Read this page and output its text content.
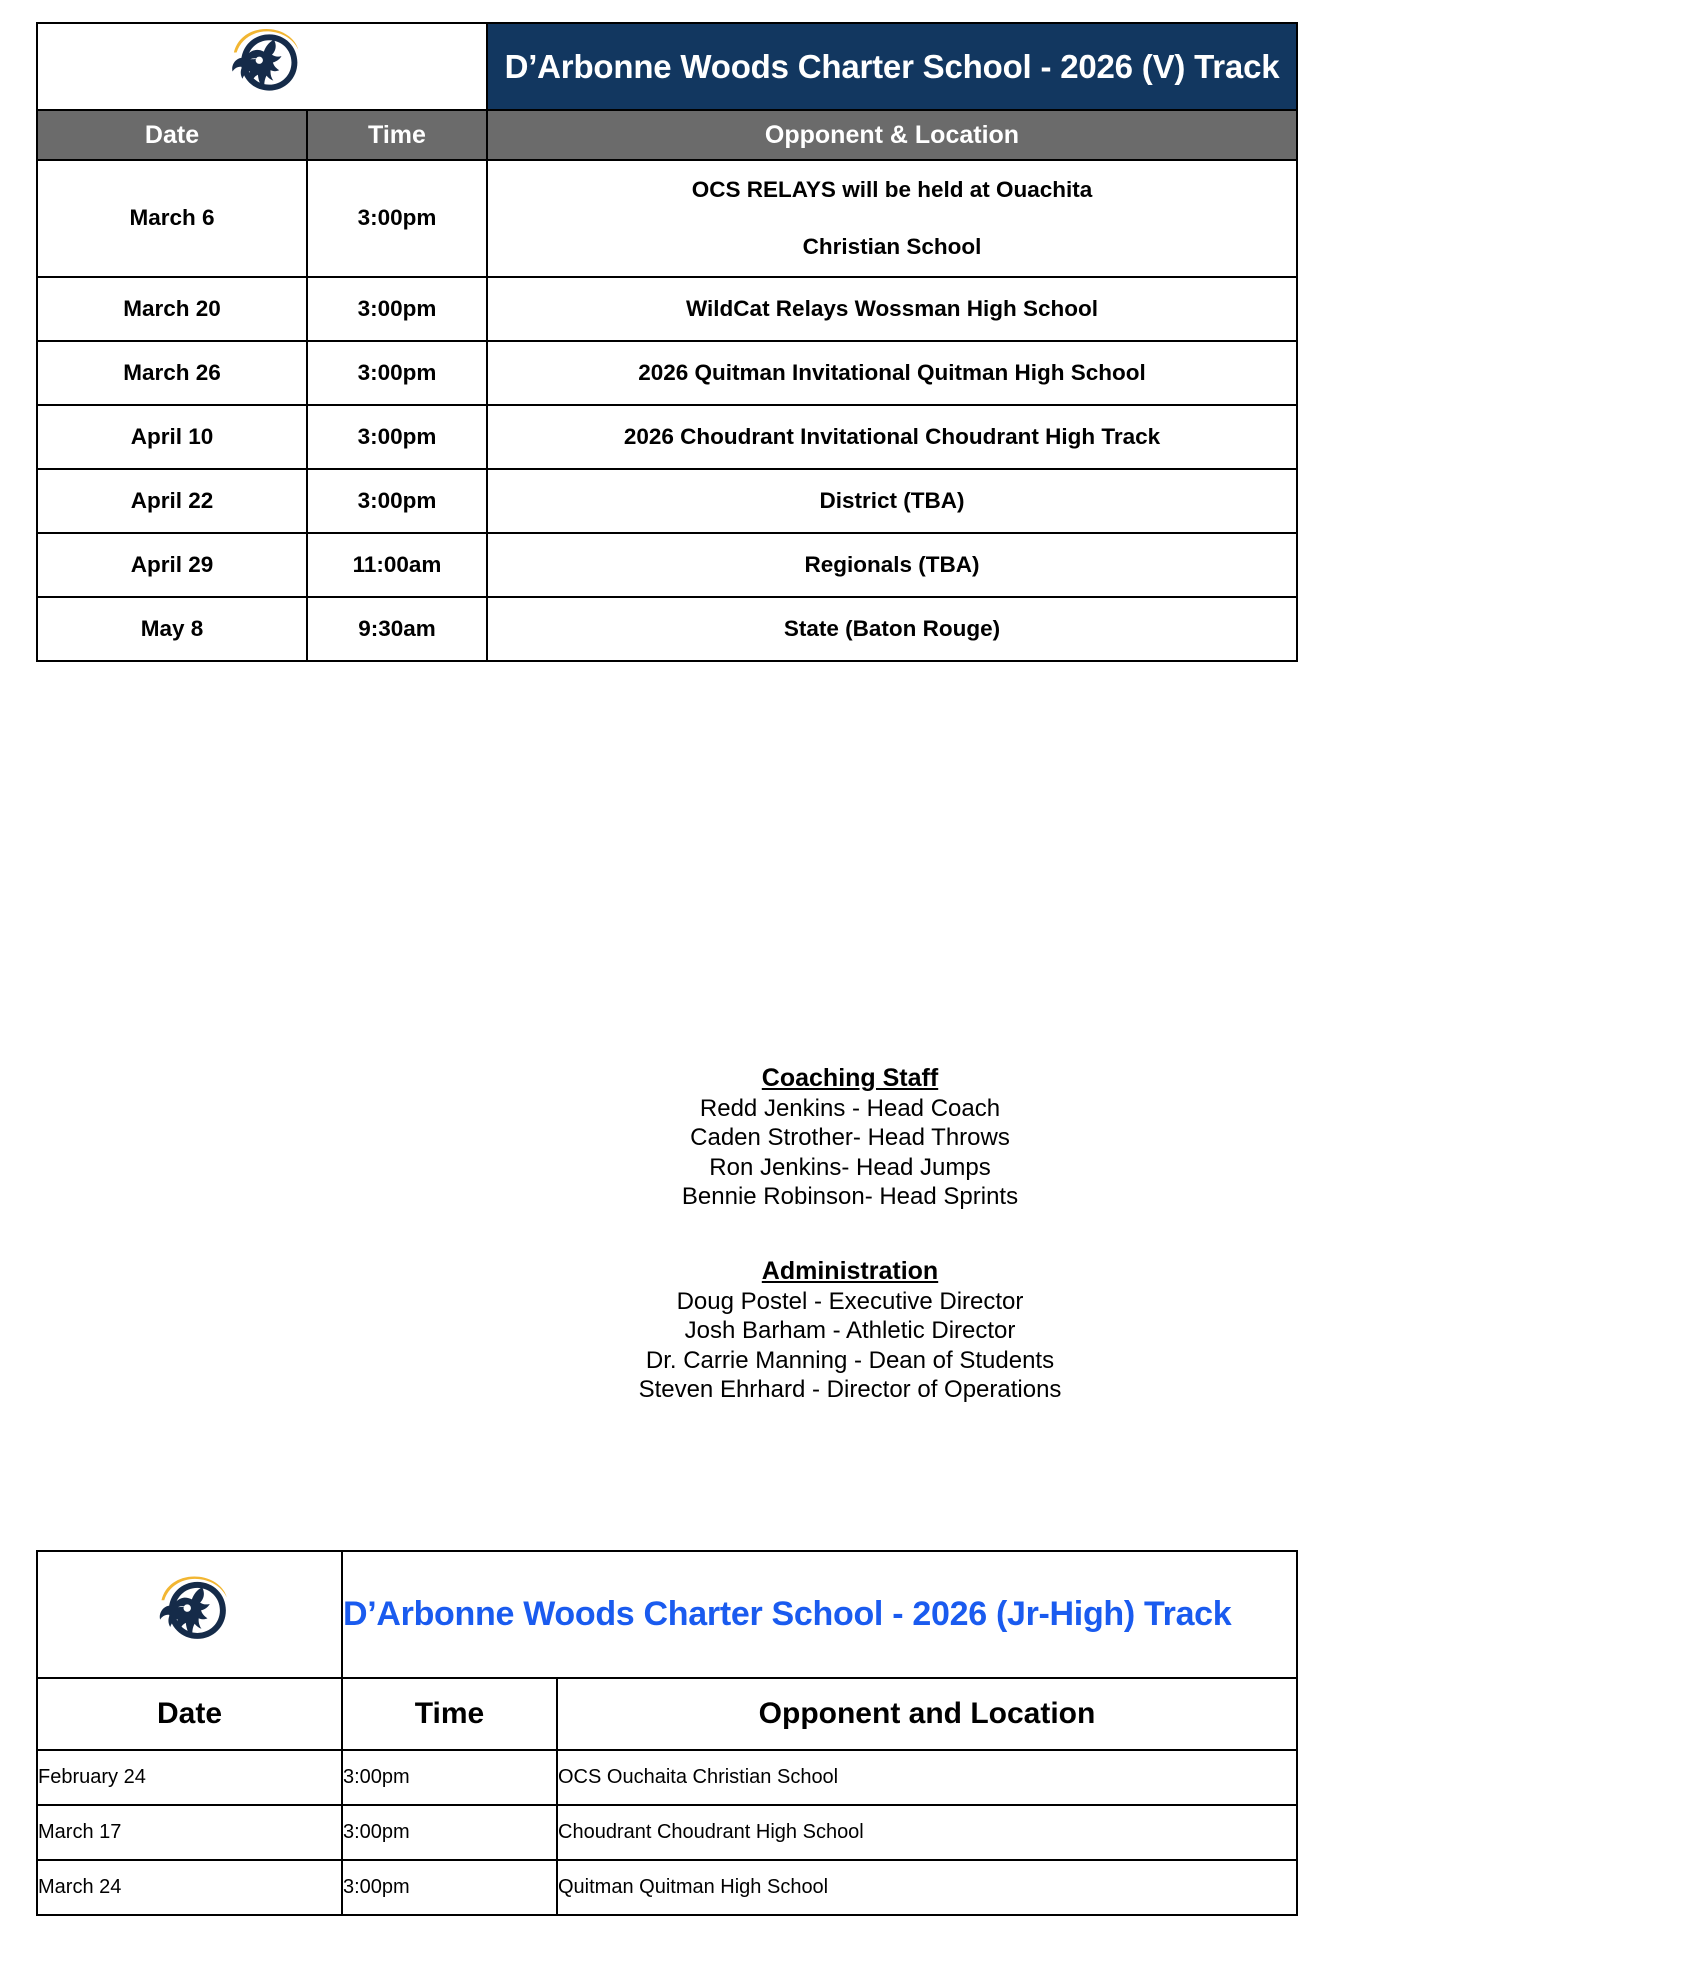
	D’Arbonne Woods Charter School - 2026 (V) Track
Date	Time	Opponent & Location
March 6	3:00pm	OCS RELAYS will be held at Ouachita
Christian School

March 20	3:00pm	WildCat Relays Wossman High School
March 26	3:00pm	2026 Quitman Invitational Quitman High School
April 10	3:00pm	2026 Choudrant Invitational Choudrant High Track
April 22	3:00pm	District (TBA)
April 29	11:00am	Regionals (TBA)
May 8	9:30am	State (Baton Rouge)
Coaching Staff
Redd Jenkins - Head Coach
Caden Strother- Head Throws
Ron Jenkins- Head Jumps
Bennie Robinson- Head Sprints
Administration
Doug Postel - Executive Director
Josh Barham - Athletic Director
Dr. Carrie Manning - Dean of Students
Steven Ehrhard - Director of Operations
	D’Arbonne Woods Charter School - 2026 (Jr-High) Track	
Date	Time	Opponent and Location
February 24	3:00pm	OCS Ouchaita Christian School
March 17	3:00pm	Choudrant Choudrant High School
March 24	3:00pm	Quitman Quitman High School
